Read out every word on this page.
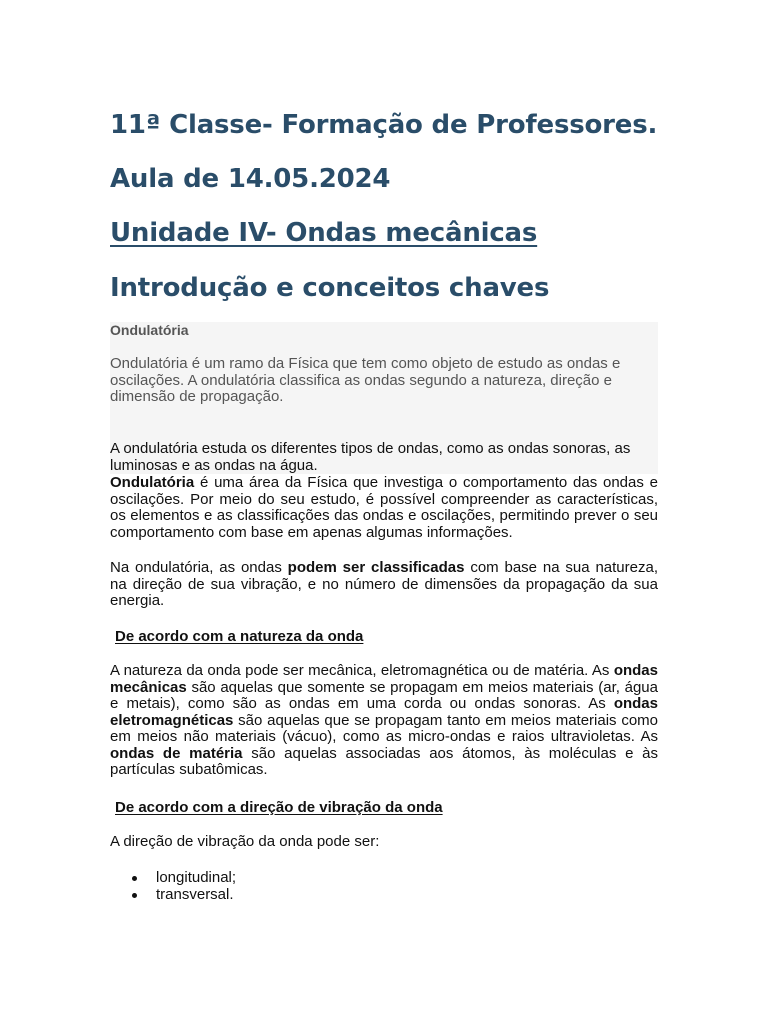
11ª Classe- Formação de Professores.
Aula de 14.05.2024
Unidade IV- Ondas mecânicas
Introdução e conceitos chaves

Ondulatória

Ondulatória é um ramo da Física que tem como objeto de estudo as ondas e oscilações. A ondulatória classifica as ondas segundo a natureza, direção e dimensão de propagação.

A ondulatória estuda os diferentes tipos de ondas, como as ondas sonoras, as luminosas e as ondas na água.

Ondulatória é uma área da Física que investiga o comportamento das ondas e oscilações. Por meio do seu estudo, é possível compreender as características, os elementos e as classificações das ondas e oscilações, permitindo prever o seu comportamento com base em apenas algumas informações.

Na ondulatória, as ondas podem ser classificadas com base na sua natureza, na direção de sua vibração, e no número de dimensões da propagação da sua energia.

De acordo com a natureza da onda

A natureza da onda pode ser mecânica, eletromagnética ou de matéria. As ondas mecânicas são aquelas que somente se propagam em meios materiais (ar, água e metais), como são as ondas em uma corda ou ondas sonoras. As ondas eletromagnéticas são aquelas que se propagam tanto em meios materiais como em meios não materiais (vácuo), como as micro-ondas e raios ultravioletas. As ondas de matéria são aquelas associadas aos átomos, às moléculas e às partículas subatômicas.

De acordo com a direção de vibração da onda

A direção de vibração da onda pode ser:

longitudinal;
transversal.
